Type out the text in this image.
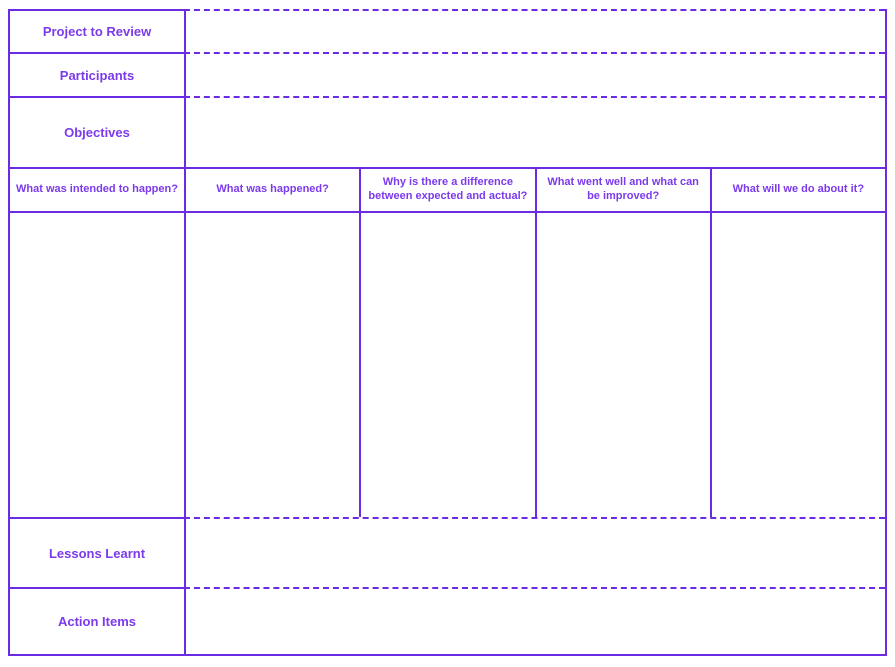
Project to Review
Participants
Objectives
What was intended to happen?	What was happened?
Why is there a difference between expected and actual?
What went well and what can be improved?
What will we do about it?
Lessons Learnt
Action Items
